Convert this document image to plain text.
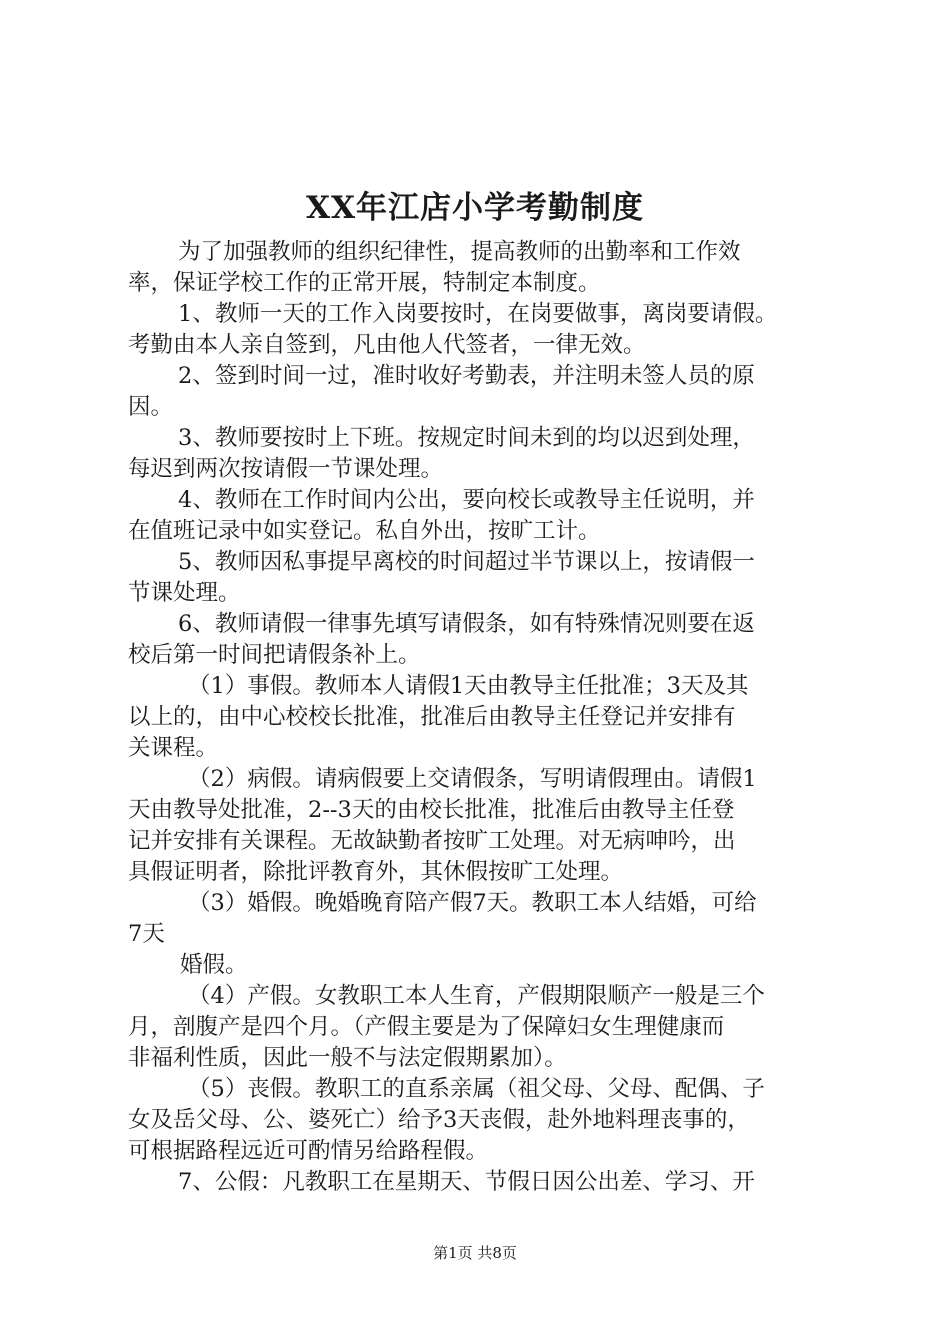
XX年江店小学考勤制度
为了加强教师的组织纪律性，提高教师的出勤率和工作效
率，保证学校工作的正常开展，特制定本制度。
1、教师一天的工作入岗要按时，在岗要做事，离岗要请假。
考勤由本人亲自签到，凡由他人代签者，一律无效。
2、签到时间一过，准时收好考勤表，并注明未签人员的原
因。
3、教师要按时上下班。按规定时间未到的均以迟到处理，
每迟到两次按请假一节课处理。
4、教师在工作时间内公出，要向校长或教导主任说明，并
在值班记录中如实登记。私自外出，按旷工计。
5、教师因私事提早离校的时间超过半节课以上，按请假一
节课处理。
6、教师请假一律事先填写请假条，如有特殊情况则要在返
校后第一时间把请假条补上。
（1）事假。教师本人请假1天由教导主任批准；3天及其
以上的，由中心校校长批准，批准后由教导主任登记并安排有
关课程。
（2）病假。请病假要上交请假条，写明请假理由。请假1
天由教导处批准，2--3天的由校长批准，批准后由教导主任登
记并安排有关课程。无故缺勤者按旷工处理。对无病呻吟，出
具假证明者，除批评教育外，其休假按旷工处理。
（3）婚假。晚婚晚育陪产假7天。教职工本人结婚，可给
7天
婚假。
（4）产假。女教职工本人生育，产假期限顺产一般是三个
月，剖腹产是四个月。（产假主要是为了保障妇女生理健康而
非福利性质，因此一般不与法定假期累加）。
（5）丧假。教职工的直系亲属（祖父母、父母、配偶、子
女及岳父母、公、婆死亡）给予3天丧假，赴外地料理丧事的，
可根据路程远近可酌情另给路程假。
7、公假：凡教职工在星期天、节假日因公出差、学习、开
第1页 共8页
